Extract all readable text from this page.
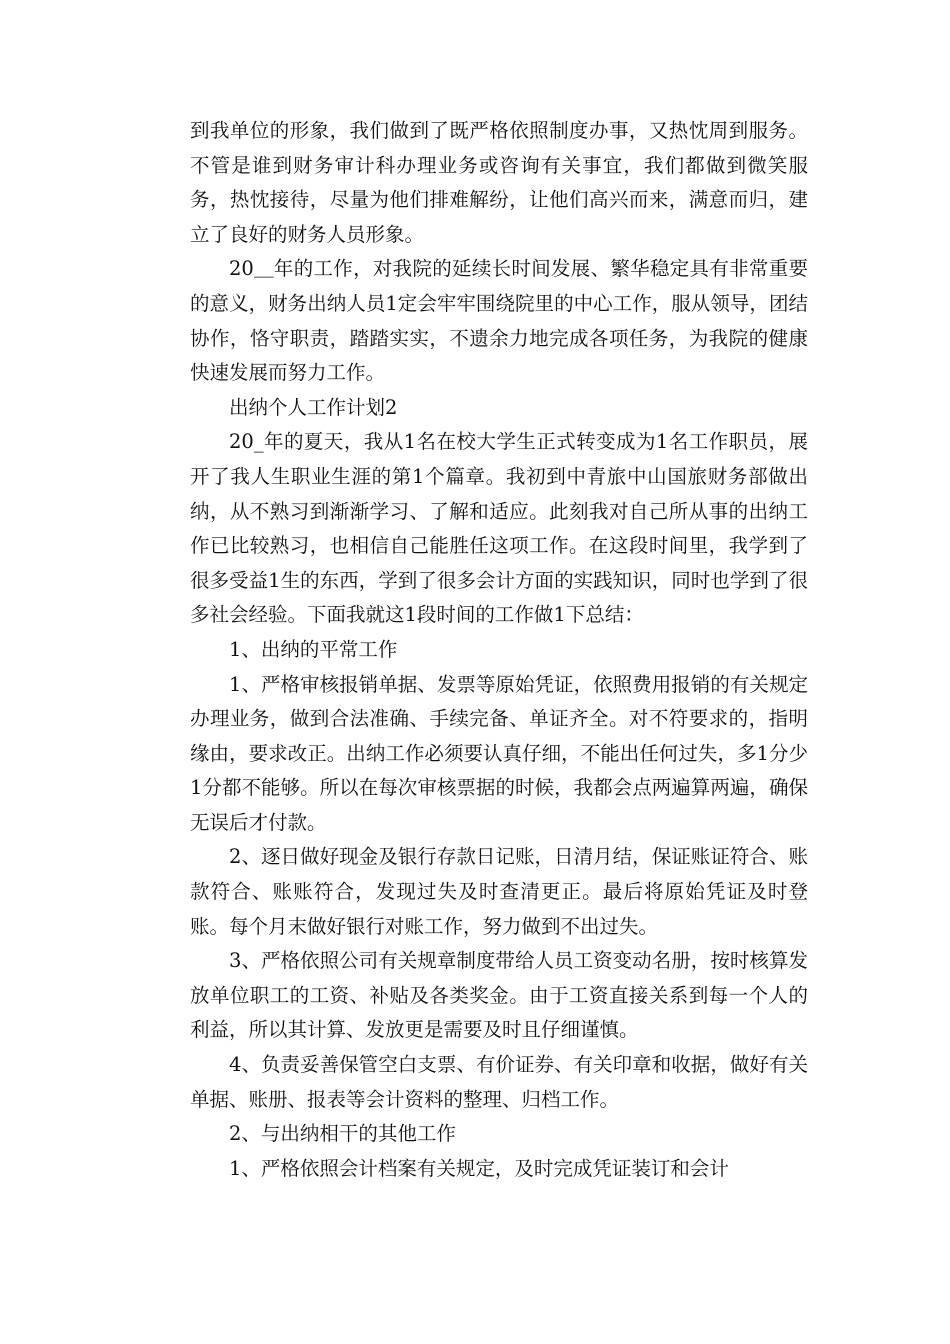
到我单位的形象，我们做到了既严格依照制度办事，又热忱周到服务。不管是谁到财务审计科办理业务或咨询有关事宜，我们都做到微笑服务，热忱接待，尽量为他们排难解纷，让他们高兴而来，满意而归，建立了良好的财务人员形象。

20＿年的工作，对我院的延续长时间发展、繁华稳定具有非常重要的意义，财务出纳人员1定会牢牢围绕院里的中心工作，服从领导，团结协作，恪守职责，踏踏实实，不遗余力地完成各项任务，为我院的健康快速发展而努力工作。

出纳个人工作计划2

20_年的夏天，我从1名在校大学生正式转变成为1名工作职员，展开了我人生职业生涯的第1个篇章。我初到中青旅中山国旅财务部做出纳，从不熟习到渐渐学习、了解和适应。此刻我对自己所从事的出纳工作已比较熟习，也相信自己能胜任这项工作。在这段时间里，我学到了很多受益1生的东西，学到了很多会计方面的实践知识，同时也学到了很多社会经验。下面我就这1段时间的工作做1下总结：

1、出纳的平常工作

1、严格审核报销单据、发票等原始凭证，依照费用报销的有关规定办理业务，做到合法准确、手续完备、单证齐全。对不符要求的，指明缘由，要求改正。出纳工作必须要认真仔细，不能出任何过失，多1分少1分都不能够。所以在每次审核票据的时候，我都会点两遍算两遍，确保无误后才付款。

2、逐日做好现金及银行存款日记账，日清月结，保证账证符合、账款符合、账账符合，发现过失及时查清更正。最后将原始凭证及时登账。每个月末做好银行对账工作，努力做到不出过失。

3、严格依照公司有关规章制度带给人员工资变动名册，按时核算发放单位职工的工资、补贴及各类奖金。由于工资直接关系到每一个人的利益，所以其计算、发放更是需要及时且仔细谨慎。

4、负责妥善保管空白支票、有价证券、有关印章和收据，做好有关单据、账册、报表等会计资料的整理、归档工作。

2、与出纳相干的其他工作

1、严格依照会计档案有关规定，及时完成凭证装订和会计
